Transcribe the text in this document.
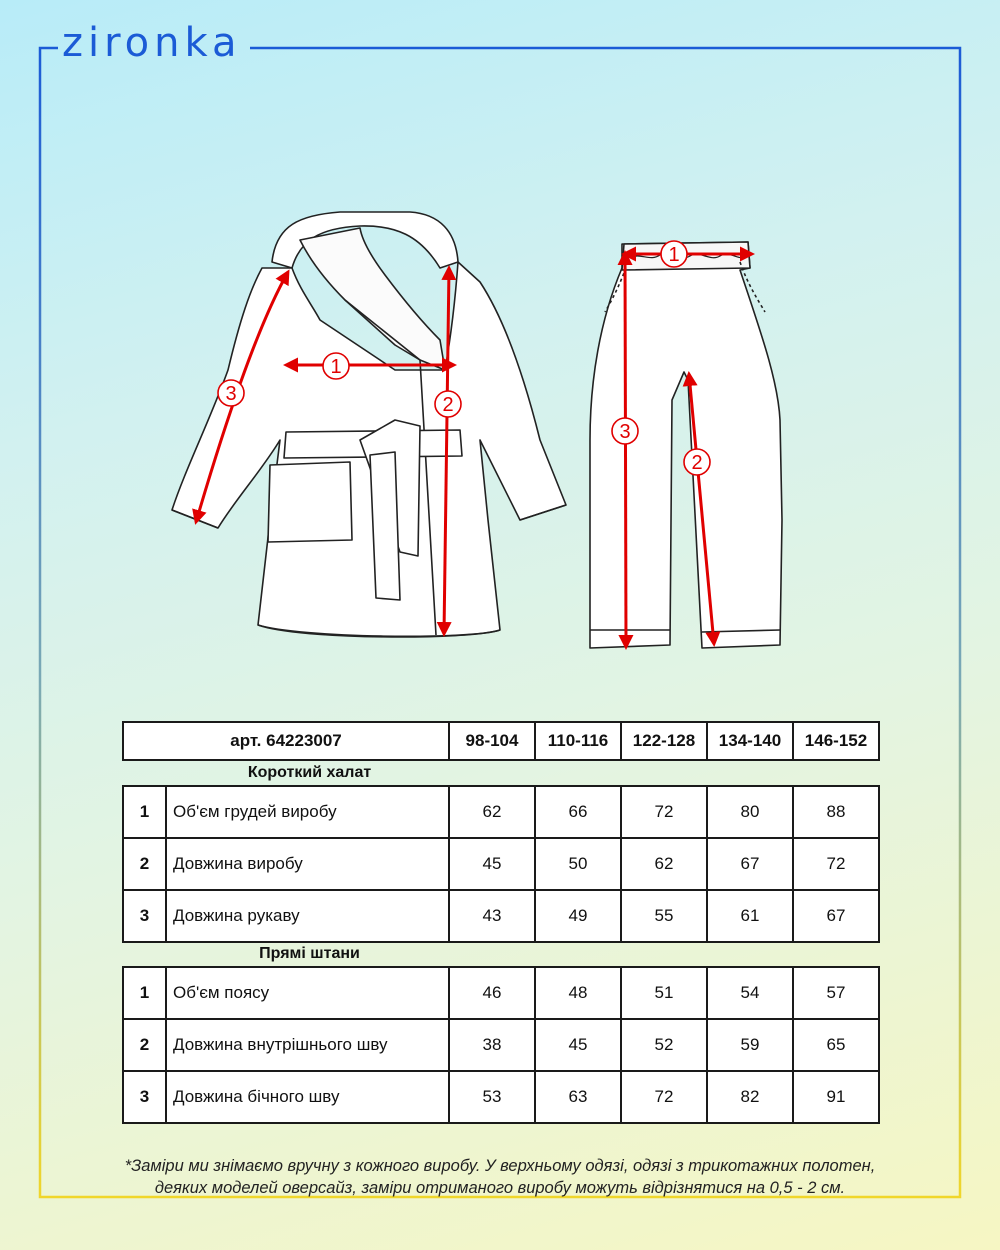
zironka
1
2
3
1
2
3
арт. 64223007	98-104	110-116	122-128	134-140	146-152
Короткий халат
1	Об'єм грудей виробу	62	66	72	80	88
2	Довжина виробу	45	50	62	67	72
3	Довжина рукаву	43	49	55	61	67
Прямі штани
1	Об'єм поясу	46	48	51	54	57
2	Довжина внутрішнього шву	38	45	52	59	65
3	Довжина бічного шву	53	63	72	82	91
*Заміри ми знімаємо вручну з кожного виробу. У верхньому одязі, одязі з трикотажних полотен,
деяких моделей оверсайз, заміри отриманого виробу можуть відрізнятися на 0,5 - 2 см.
